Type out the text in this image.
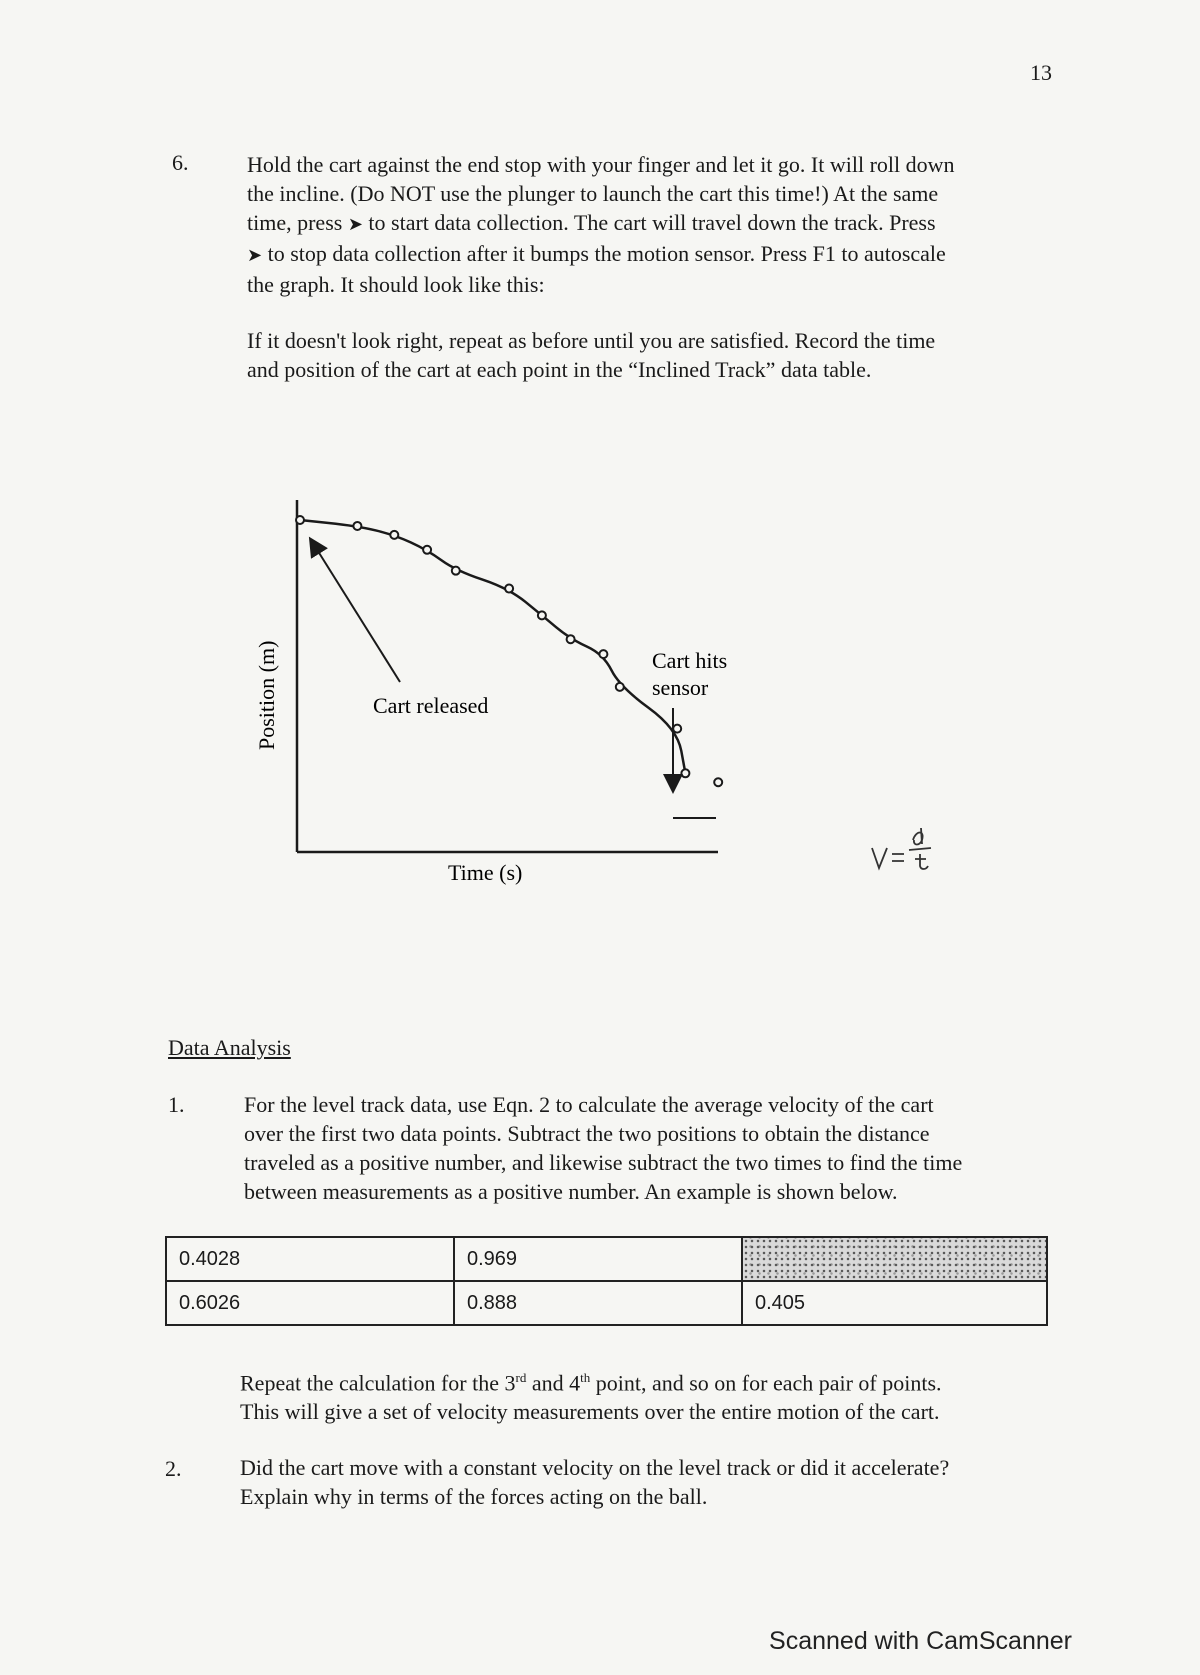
13
6.	Hold the cart against the end stop with your finger and let it go. It will roll down
the incline. (Do NOT use the plunger to launch the cart this time!) At the same
time, press ➤ to start data collection. The cart will travel down the track. Press
➤ to stop data collection after it bumps the motion sensor. Press F1 to autoscale
the graph. It should look like this:
If it doesn't look right, repeat as before until you are satisfied. Record the time
and position of the cart at each point in the “Inclined Track” data table.
Cart released
Cart hits
sensor
Position (m)
Time (s)
Data Analysis
1.	For the level track data, use Eqn. 2 to calculate the average velocity of the cart
over the first two data points. Subtract the two positions to obtain the distance
traveled as a positive number, and likewise subtract the two times to find the time
between measurements as a positive number. An example is shown below.
0.4028	0.969	
0.6026	0.888	0.405
Repeat the calculation for the 3rd and 4th point, and so on for each pair of points.
This will give a set of velocity measurements over the entire motion of the cart.
2.	Did the cart move with a constant velocity on the level track or did it accelerate?
Explain why in terms of the forces acting on the ball.
Scanned with CamScanner
